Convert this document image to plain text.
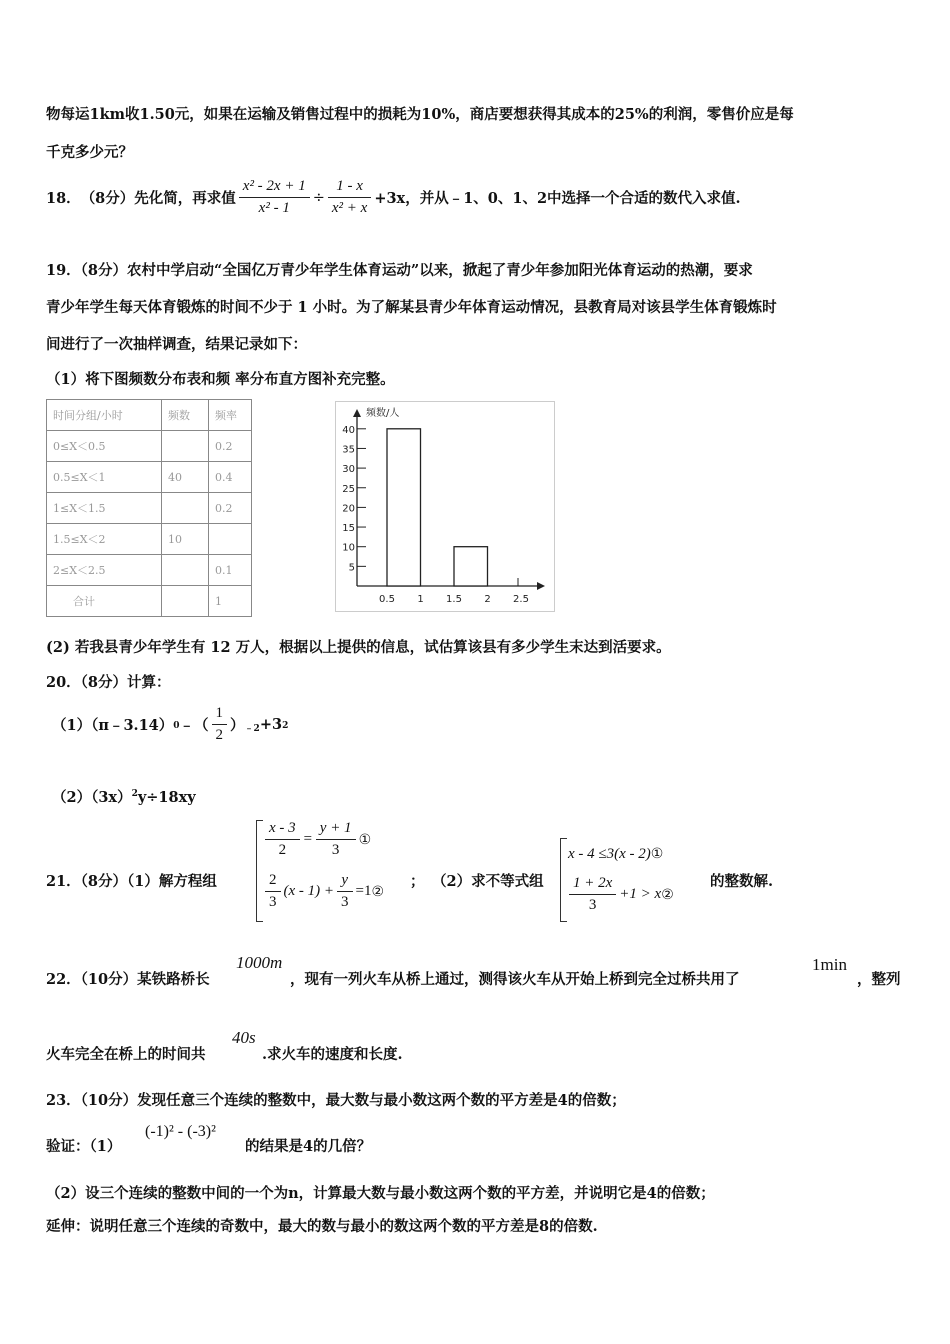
物每运1km收1.50元，如果在运输及销售过程中的损耗为10%，商店要想获得其成本的25%的利润，零售价应是每
千克多少元？
18． （8分）先化简，再求值 $\frac{\text{x² - 2x + 1}}{\text{x² - 1}} \div \frac{1 - x}{\text{x² + x}} +3x$，并从﹣1、0、1、2中选择一个合适的数代入求值.
19．（8分）农村中学启动“全国亿万青少年学生体育运动”以来，掀起了青少年参加阳光体育运动的热潮，要求
青少年学生每天体育锻炼的时间不少于 1 小时。为了解某县青少年体育运动情况，县教育局对该县学生体育锻炼时
间进行了一次抽样调查，结果记录如下：
（1）将下图频数分布表和频 率分布直方图补充完整。
时间分组/小时	频数	频率
0≤X＜0.5		0.2
0.5≤X＜1	40	0.4
1≤X＜1.5		0.2
1.5≤X＜2	10	
2≤X＜2.5		0.1
合计		1
频数/人
5
10
15
20
25
30
35
40
0.5 1 1.5 2 2.5
(2) 若我县青少年学生有 12 万人，根据以上提供的信息，试估算该县有多少学生末达到活要求。
20．（8分）计算：
（1）（π﹣3.14） 0 ﹣（ $\frac{1}{2} )_{﹣2} +3$ 2
$(2)(3x)^2y\div 18xy$
21．（8分）（1）解方程组
$\frac{x - 3}{2} = \frac{y + 1}{3}$ ①
$\frac{2}{3} (x - 1) + \frac{y}{3} =1$ ②
； （2）求不等式组
x - 4 ≤3(x - 2)①
$\frac{1 + 2x}{3} +1 > x$ ②
的整数解.
22．（10分）某铁路桥长
1000m
，现有一列火车从桥上通过，测得该火车从开始上桥到完全过桥共用了
1min
，整列
火车完全在桥上的时间共
40s
.求火车的速度和长度.
23．（10分）发现任意三个连续的整数中，最大数与最小数这两个数的平方差是4的倍数；
验证：（1）
(-1)² - (-3)²
的结果是4的几倍？
（2）设三个连续的整数中间的一个为n，计算最大数与最小数这两个数的平方差，并说明它是4的倍数；
延伸：说明任意三个连续的奇数中，最大的数与最小的数这两个数的平方差是8的倍数.
